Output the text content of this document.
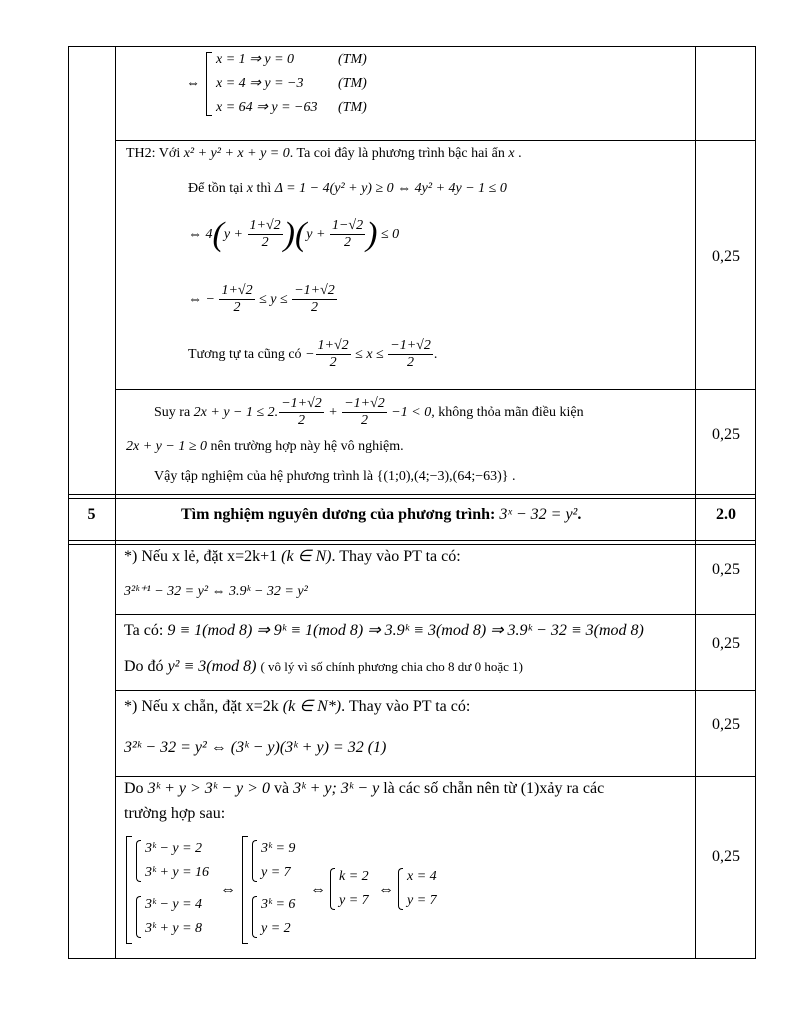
⇔
x = 1 ⇒ y = 0
x = 4 ⇒ y = −3
x = 64 ⇒ y = −63
(TM)
(TM)
(TM)
TH2: Với x² + y² + x + y = 0. Ta coi đây là phương trình bậc hai ẩn x .
Để tồn tại x thì Δ = 1 − 4(y² + y) ≥ 0 ⇔ 4y² + 4y − 1 ≤ 0
⇔ $4(y + \frac{1+√2}{2} )(y + \frac{1-√2}{2}$ ) ≤ 0
⇔ − $\frac{1+√2}{2} \le y \le \frac{-1+√2}{2}$
Tương tự ta cũng có − $\frac{1+√2}{2} \le x \le \frac{-1+√2}{2}$ .
0,25
Suy ra 2x + y − 1 ≤ 2. $\frac{-1+√2}{2} + \frac{-1+√2}{2} -1 < 0$, không thỏa mãn điều kiện
2x + y − 1 ≥ 0 nên trường hợp này hệ vô nghiệm.
Vậy tập nghiệm của hệ phương trình là {(1;0),(4;−3),(64;−63)} .
0,25
5	Tìm nghiệm nguyên dương của phương trình: 3ˣ − 32 = y².	2.0
*) Nếu x lẻ, đặt x=2k+1 (k ∈ N). Thay vào PT ta có:
3²ᵏ⁺¹ − 32 = y² ⇔ 3.9ᵏ − 32 = y²
0,25
Ta có: 9 ≡ 1(mod 8) ⇒ 9ᵏ ≡ 1(mod 8) ⇒ 3.9ᵏ ≡ 3(mod 8) ⇒ 3.9ᵏ − 32 ≡ 3(mod 8)
Do đó y² ≡ 3(mod 8) ( vô lý vì số chính phương chia cho 8 dư 0 hoặc 1)
0,25
*) Nếu x chẵn, đặt x=2k (k ∈ N*). Thay vào PT ta có:
3²ᵏ − 32 = y² ⇔ (3ᵏ − y)(3ᵏ + y) = 32 (1)
0,25
Do 3ᵏ + y > 3ᵏ − y > 0 và 3ᵏ + y; 3ᵏ − y là các số chẵn nên từ (1)xảy ra các
trường hợp sau:
3ᵏ − y = 2
3ᵏ + y = 16
3ᵏ − y = 4
3ᵏ + y = 8
⇔
3ᵏ = 9
y = 7
3ᵏ = 6
y = 2
⇔
k = 2
y = 7
⇔
x = 4
y = 7
0,25
